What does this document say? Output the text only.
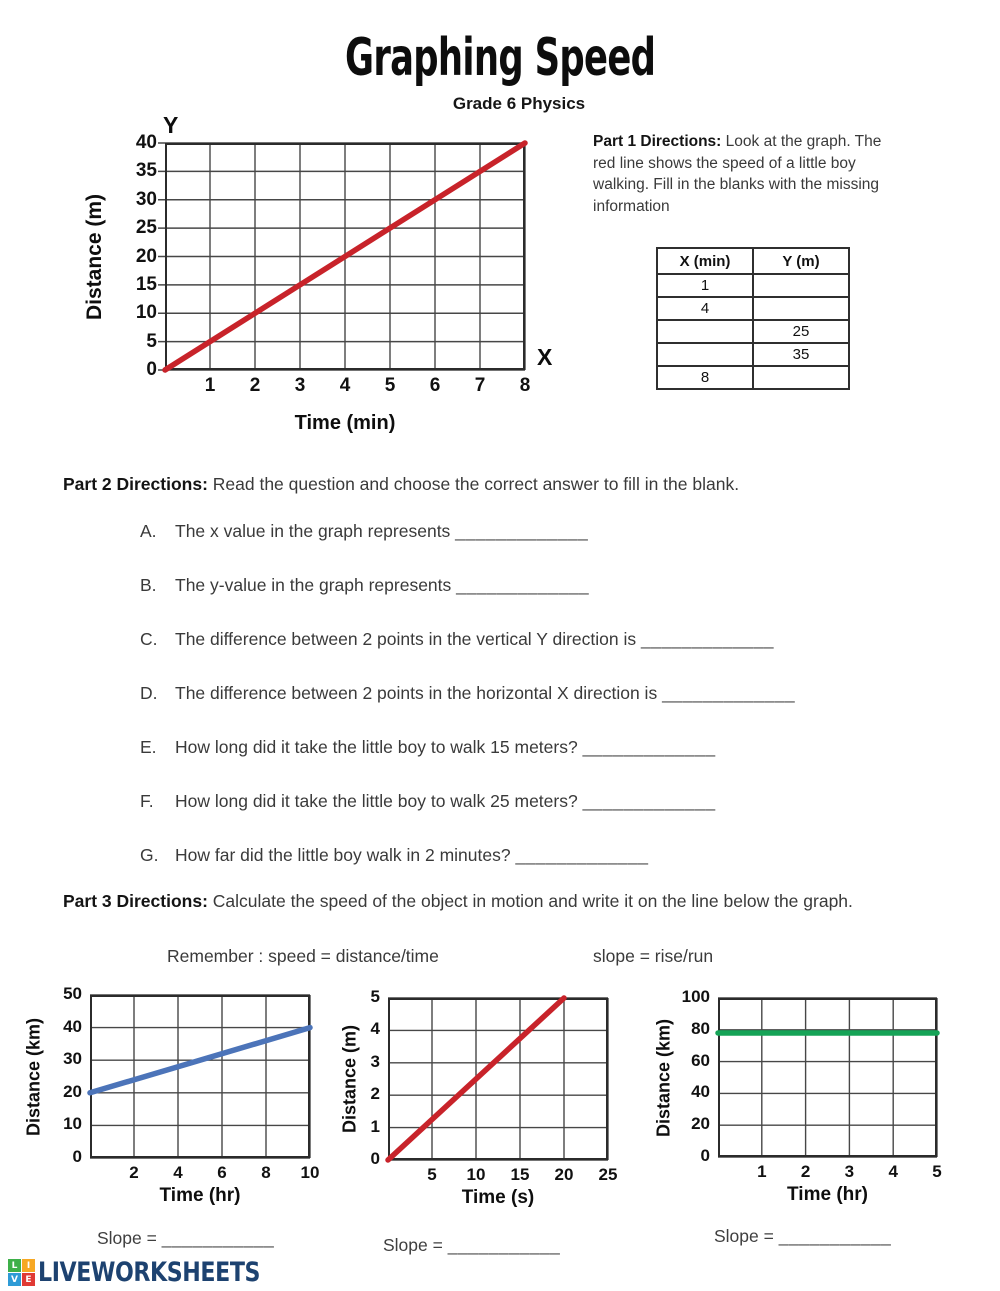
Graphing Speed
Grade 6 Physics
Y
X
Distance (m)
Time (min)
0
5
10
15
20
25
30
35
40
1	2	3	4	5	6	7	8
Part 1 Directions: Look at the graph. The red line shows the speed of a little boy walking. Fill in the blanks with the missing information
X (min)	Y (m)
1	
4	
	25
	35
8	
Part 2 Directions: Read the question and choose the correct answer to fill in the blank.
A.	The x value in the graph represents _____________
B.	The y-value in the graph represents _____________
C. The difference between 2 points in the vertical Y direction is _____________
D. The difference between 2 points in the horizontal X direction is _____________
E.	How long did it take the little boy to walk 15 meters? _____________
F.	How long did it take the little boy to walk 25 meters? _____________
G. How far did the little boy walk in 2 minutes? _____________
Part 3 Directions: Calculate the speed of the object in motion and write it on the line below the graph.
Remember : speed = distance/time	slope = rise/run
Distance (km)
Time (hr)
0
10
20
30
40
50
2	4	6	8	10
Distance (m)
Time (s)
0
1
2
3
4
5
5	10	15	20	25
Distance (km)
Time (hr)
0
20
40
60
80
100
1	2	3	4	5
Slope = ___________	Slope = ___________	Slope = ___________
L	I
V E LIVEWORKSHEETS
